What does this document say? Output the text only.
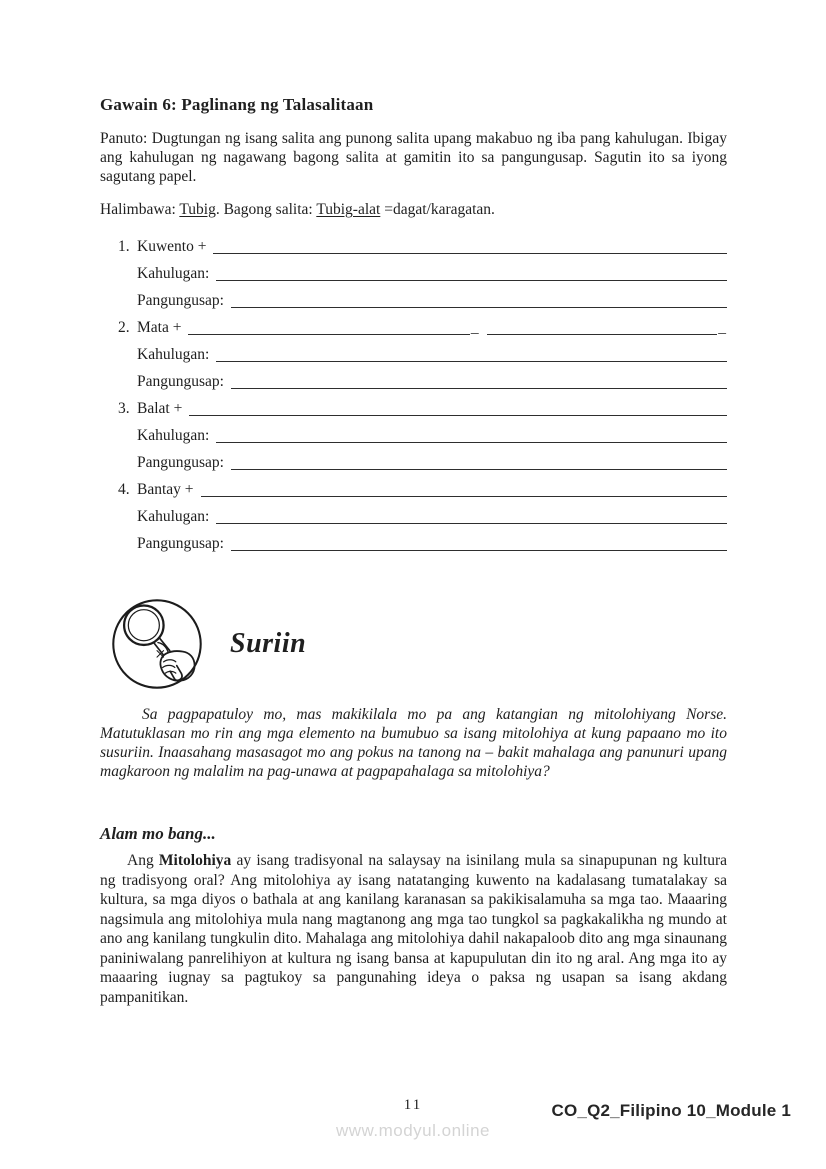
Gawain 6: Paglinang ng Talasalitaan
Panuto: Dugtungan ng isang salita ang punong salita upang makabuo ng iba pang kahulugan. Ibigay ang kahulugan ng nagawang bagong salita at gamitin ito sa pangungusap. Sagutin ito sa iyong sagutang papel.
Halimbawa: Tubig. Bagong salita: Tubig-alat =dagat/karagatan.
1. Kuwento +
Kahulugan:
Pangungusap:
2. Mata +	_	_
Kahulugan:
Pangungusap:
3. Balat +
Kahulugan:
Pangungusap:
4. Bantay +
Kahulugan:
Pangungusap:
Suriin
Sa pagpapatuloy mo, mas makikilala mo pa ang katangian ng mitolohiyang Norse. Matutuklasan mo rin ang mga elemento na bumubuo sa isang mitolohiya at kung papaano mo ito susuriin. Inaasahang masasagot mo ang pokus na tanong na – bakit mahalaga ang panunuri upang magkaroon ng malalim na pag-unawa at pagpapahalaga sa mitolohiya?
Alam mo bang...
Ang Mitolohiya ay isang tradisyonal na salaysay na isinilang mula sa sinapupunan ng kultura ng tradisyong oral? Ang mitolohiya ay isang natatanging kuwento na kadalasang tumatalakay sa kultura, sa mga diyos o bathala at ang kanilang karanasan sa pakikisalamuha sa mga tao. Maaaring nagsimula ang mitolohiya mula nang magtanong ang mga tao tungkol sa pagkakalikha ng mundo at ano ang kanilang tungkulin dito. Mahalaga ang mitolohiya dahil nakapaloob dito ang mga sinaunang paniniwalang panrelihiyon at kultura ng isang bansa at kapupulutan din ito ng aral. Ang mga ito ay maaaring iugnay sa pagtukoy sa pangunahing ideya o paksa ng usapan sa isang akdang pampanitikan.
11
www.modyul.online
CO_Q2_Filipino 10_Module 1
